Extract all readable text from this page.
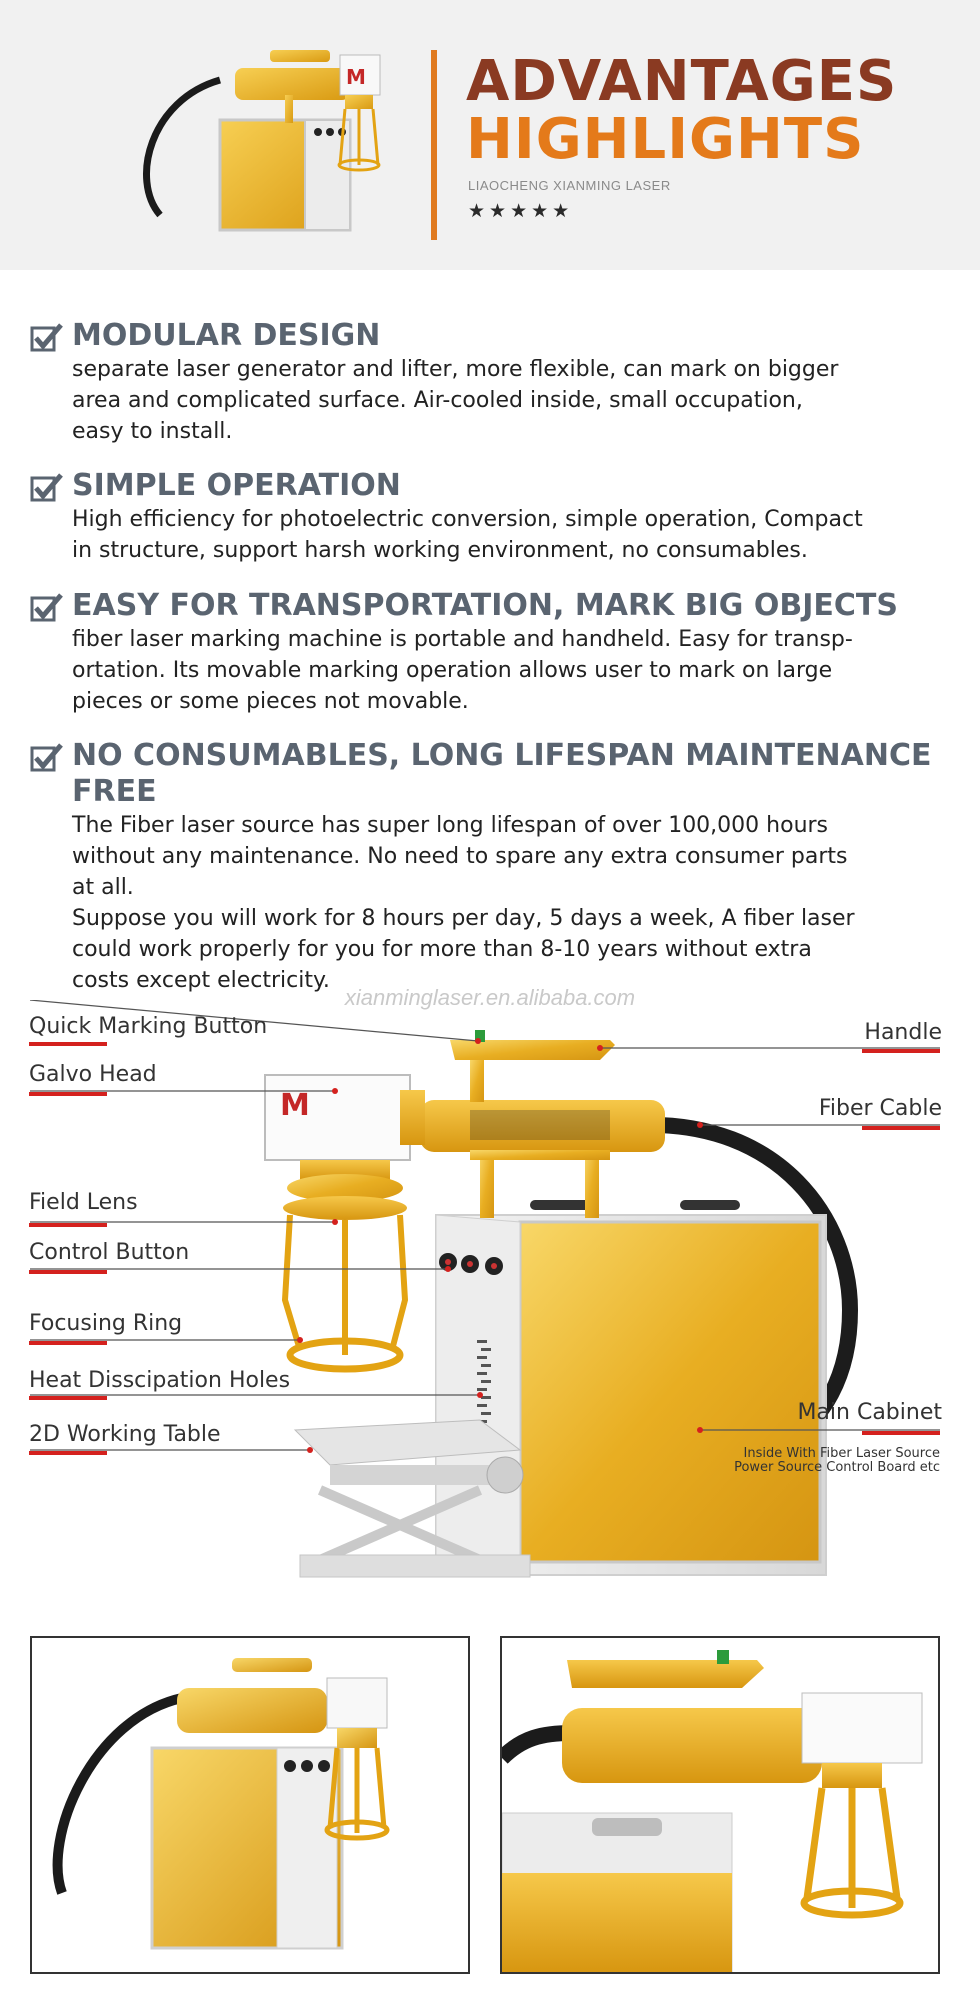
M ADVANTAGES
HIGHLIGHTS
LIAOCHENG XIANMING LASER
★★★★★
MODULAR DESIGN
separate laser generator and lifter, more flexible, can mark on bigger
area and complicated surface. Air-cooled inside, small occupation,
easy to install.
SIMPLE OPERATION
High efficiency for photoelectric conversion, simple operation, Compact
in structure, support harsh working environment, no consumables.
EASY FOR TRANSPORTATION, MARK BIG OBJECTS
fiber laser marking machine is portable and handheld. Easy for transp-
ortation. Its movable marking operation allows user to mark on large
pieces or some pieces not movable.
NO CONSUMABLES, LONG LIFESPAN MAINTENANCE FREE
The Fiber laser source has super long lifespan of over 100,000 hours
without any maintenance. No need to spare any extra consumer parts
at all.
Suppose you will work for 8 hours per day, 5 days a week, A fiber laser
could work properly for you for more than 8-10 years without extra
costs except electricity.
xianminglaser.en.alibaba.com
M
Quick Marking Button
Galvo Head
Field Lens
Control Button
Focusing Ring
Heat Disscipation Holes
2D Working Table
Handle
Fiber Cable
Main Cabinet
Inside With Fiber Laser Source
Power Source Control Board etc
